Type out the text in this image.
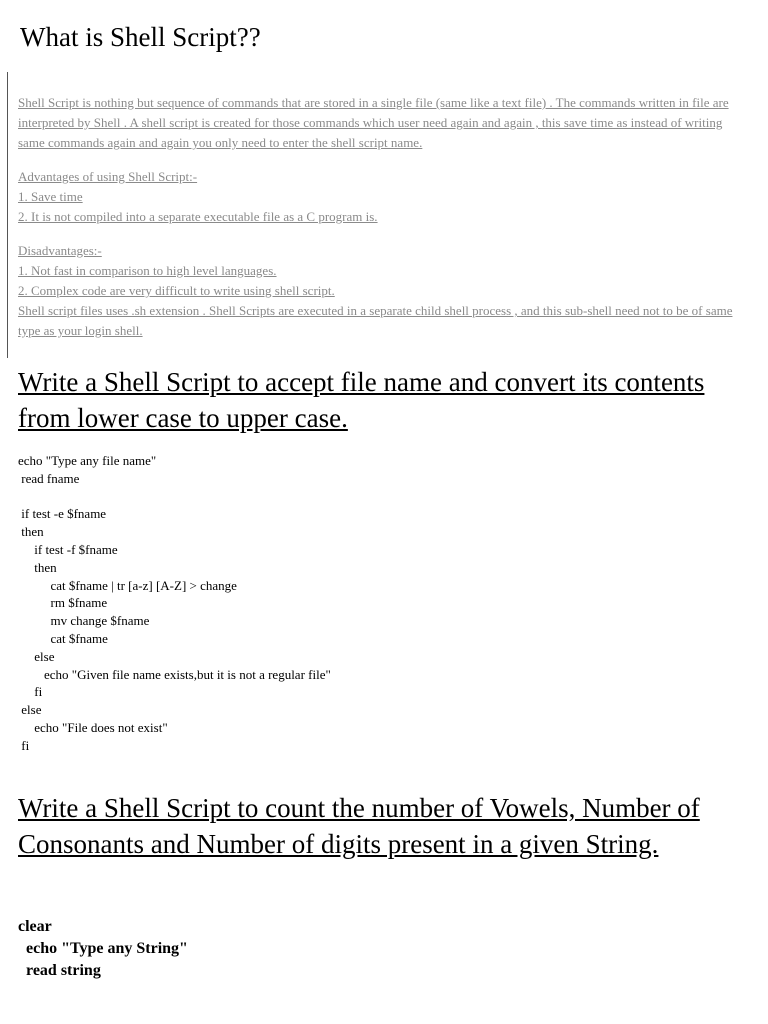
What is Shell Script??

Shell Script is nothing but sequence of commands that are stored in a single file (same like a text file) . The commands written in file are interpreted by Shell . A shell script is created for those commands which user need again and again , this save time as instead of writing same commands again and again you only need to enter the shell script name.

Advantages of using Shell Script:-

1. Save time

2. It is not compiled into a separate executable file as a C program is.

Disadvantages:-

1. Not fast in comparison to high level languages.

2. Complex code are very difficult to write using shell script.

Shell script files uses .sh extension . Shell Scripts are executed in a separate child shell process , and this sub-shell need not to be of same type as your login shell.

Write a Shell Script to accept file name and convert its contents from lower case to upper case.
echo "Type any file name"
read fname

if test -e $fname
then
if test -f $fname
then
cat $fname | tr [a-z] [A-Z] > change
rm $fname
mv change $fname
cat $fname
else
echo "Given file name exists,but it is not a regular file"
fi
else
echo "File does not exist"
fi
Write a Shell Script to count the number of Vowels, Number of Consonants and Number of digits present in a given String.
clear
echo "Type any String"
read string
